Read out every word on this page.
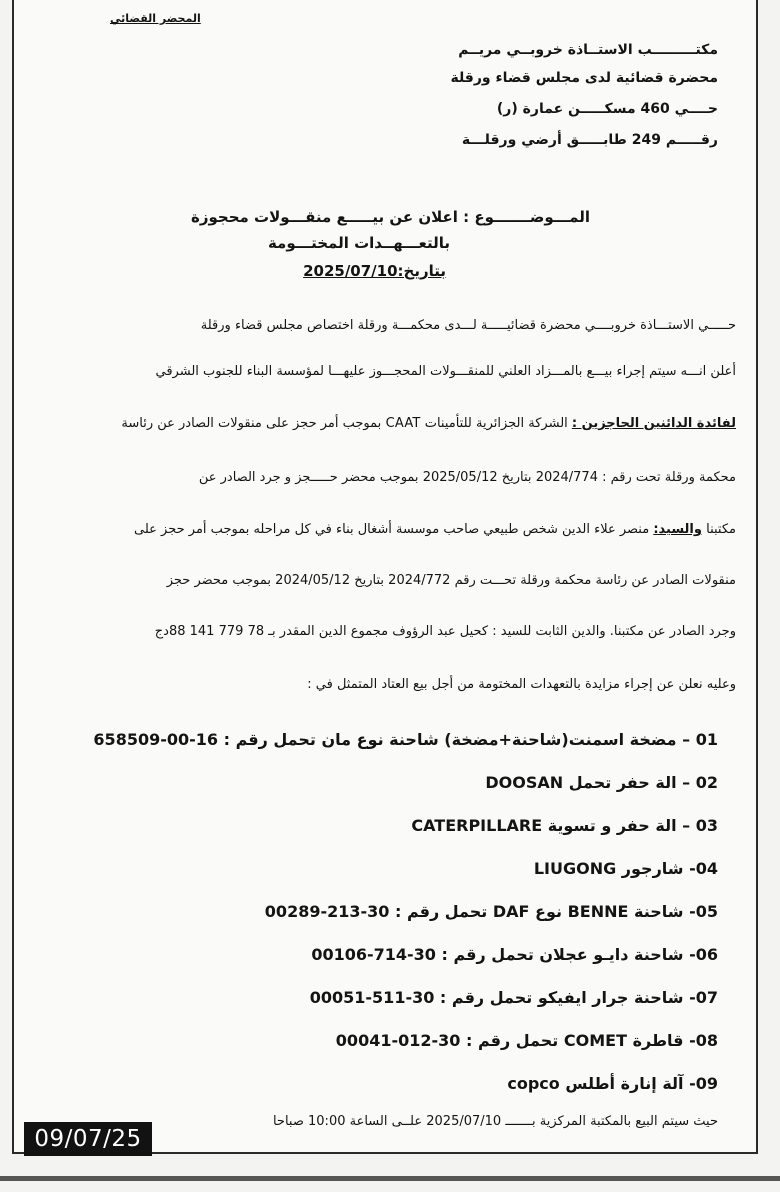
المحضر القضائي
مكتـــــــــب الاستــاذة خروبــي مريــم
محضرة قضائية لدى مجلس قضاء ورقلة
حــــي 460 مسكـــــن عمارة (ر)
رقـــــم 249 طابـــــق أرضي ورقلـــة
المـــوضـــــــوع : اعلان عن بيـــــع منقـــولات محجوزة
بالتعـــهــدات المختـــومة
بتاريخ:2025/07/10
حـــــي الاستـــاذة خروبــــي محضرة قضائيـــــة لـــدى محكمـــة ورقلة اختصاص مجلس قضاء ورقلة
أعلن انـــه سيتم إجراء بيـــع بالمـــزاد العلني للمنقـــولات المحجـــوز عليهـــا لمؤسسة البناء للجنوب الشرقي
لفائدة الدائنين الحاجزين : الشركة الجزائرية للتأمينات CAAT بموجب أمر حجز على منقولات الصادر عن رئاسة
محكمة ورقلة تحت رقم : 2024/774 بتاريخ 2025/05/12 بموجب محضر حـــــجز و جرد الصادر عن
مكتبنا والسيد: منصر علاء الدين شخص طبيعي صاحب موسسة أشغال بناء في كل مراحله بموجب أمر حجز على
منقولات الصادر عن رئاسة محكمة ورقلة تحـــت رقم 2024/772 بتاريخ 2024/05/12 بموجب محضر حجز
وجرد الصادر عن مكتبنا. والدين الثابت للسيد : كحيل عبد الرؤوف مجموع الدين المقدر بـ 78 779 141 88دج
وعليه نعلن عن إجراء مزايدة بالتعهدات المختومة من أجل بيع العتاد المتمثل في :
01 – مضخة اسمنت(شاحنة+مضخة) شاحنة نوع مان تحمل رقم : 16-00-658509
02 – الة حفر تحمل DOOSAN
03 – الة حفر و تسوية CATERPILLARE
04- شارجور LIUGONG
05- شاحنة BENNE نوع DAF تحمل رقم : 30-213-00289
06- شاحنة دايـو عجلان تحمل رقم : 30-714-00106
07- شاحنة جرار ايفيكو تحمل رقم : 30-511-00051
08- قاطرة COMET تحمل رقم : 30-012-00041
09- آلة إنارة أطلس copco
حيث سيتم البيع بالمكتبة المركزية بـــــــ 2025/07/10 علــى الساعة 10:00 صباحا
09/07/25
